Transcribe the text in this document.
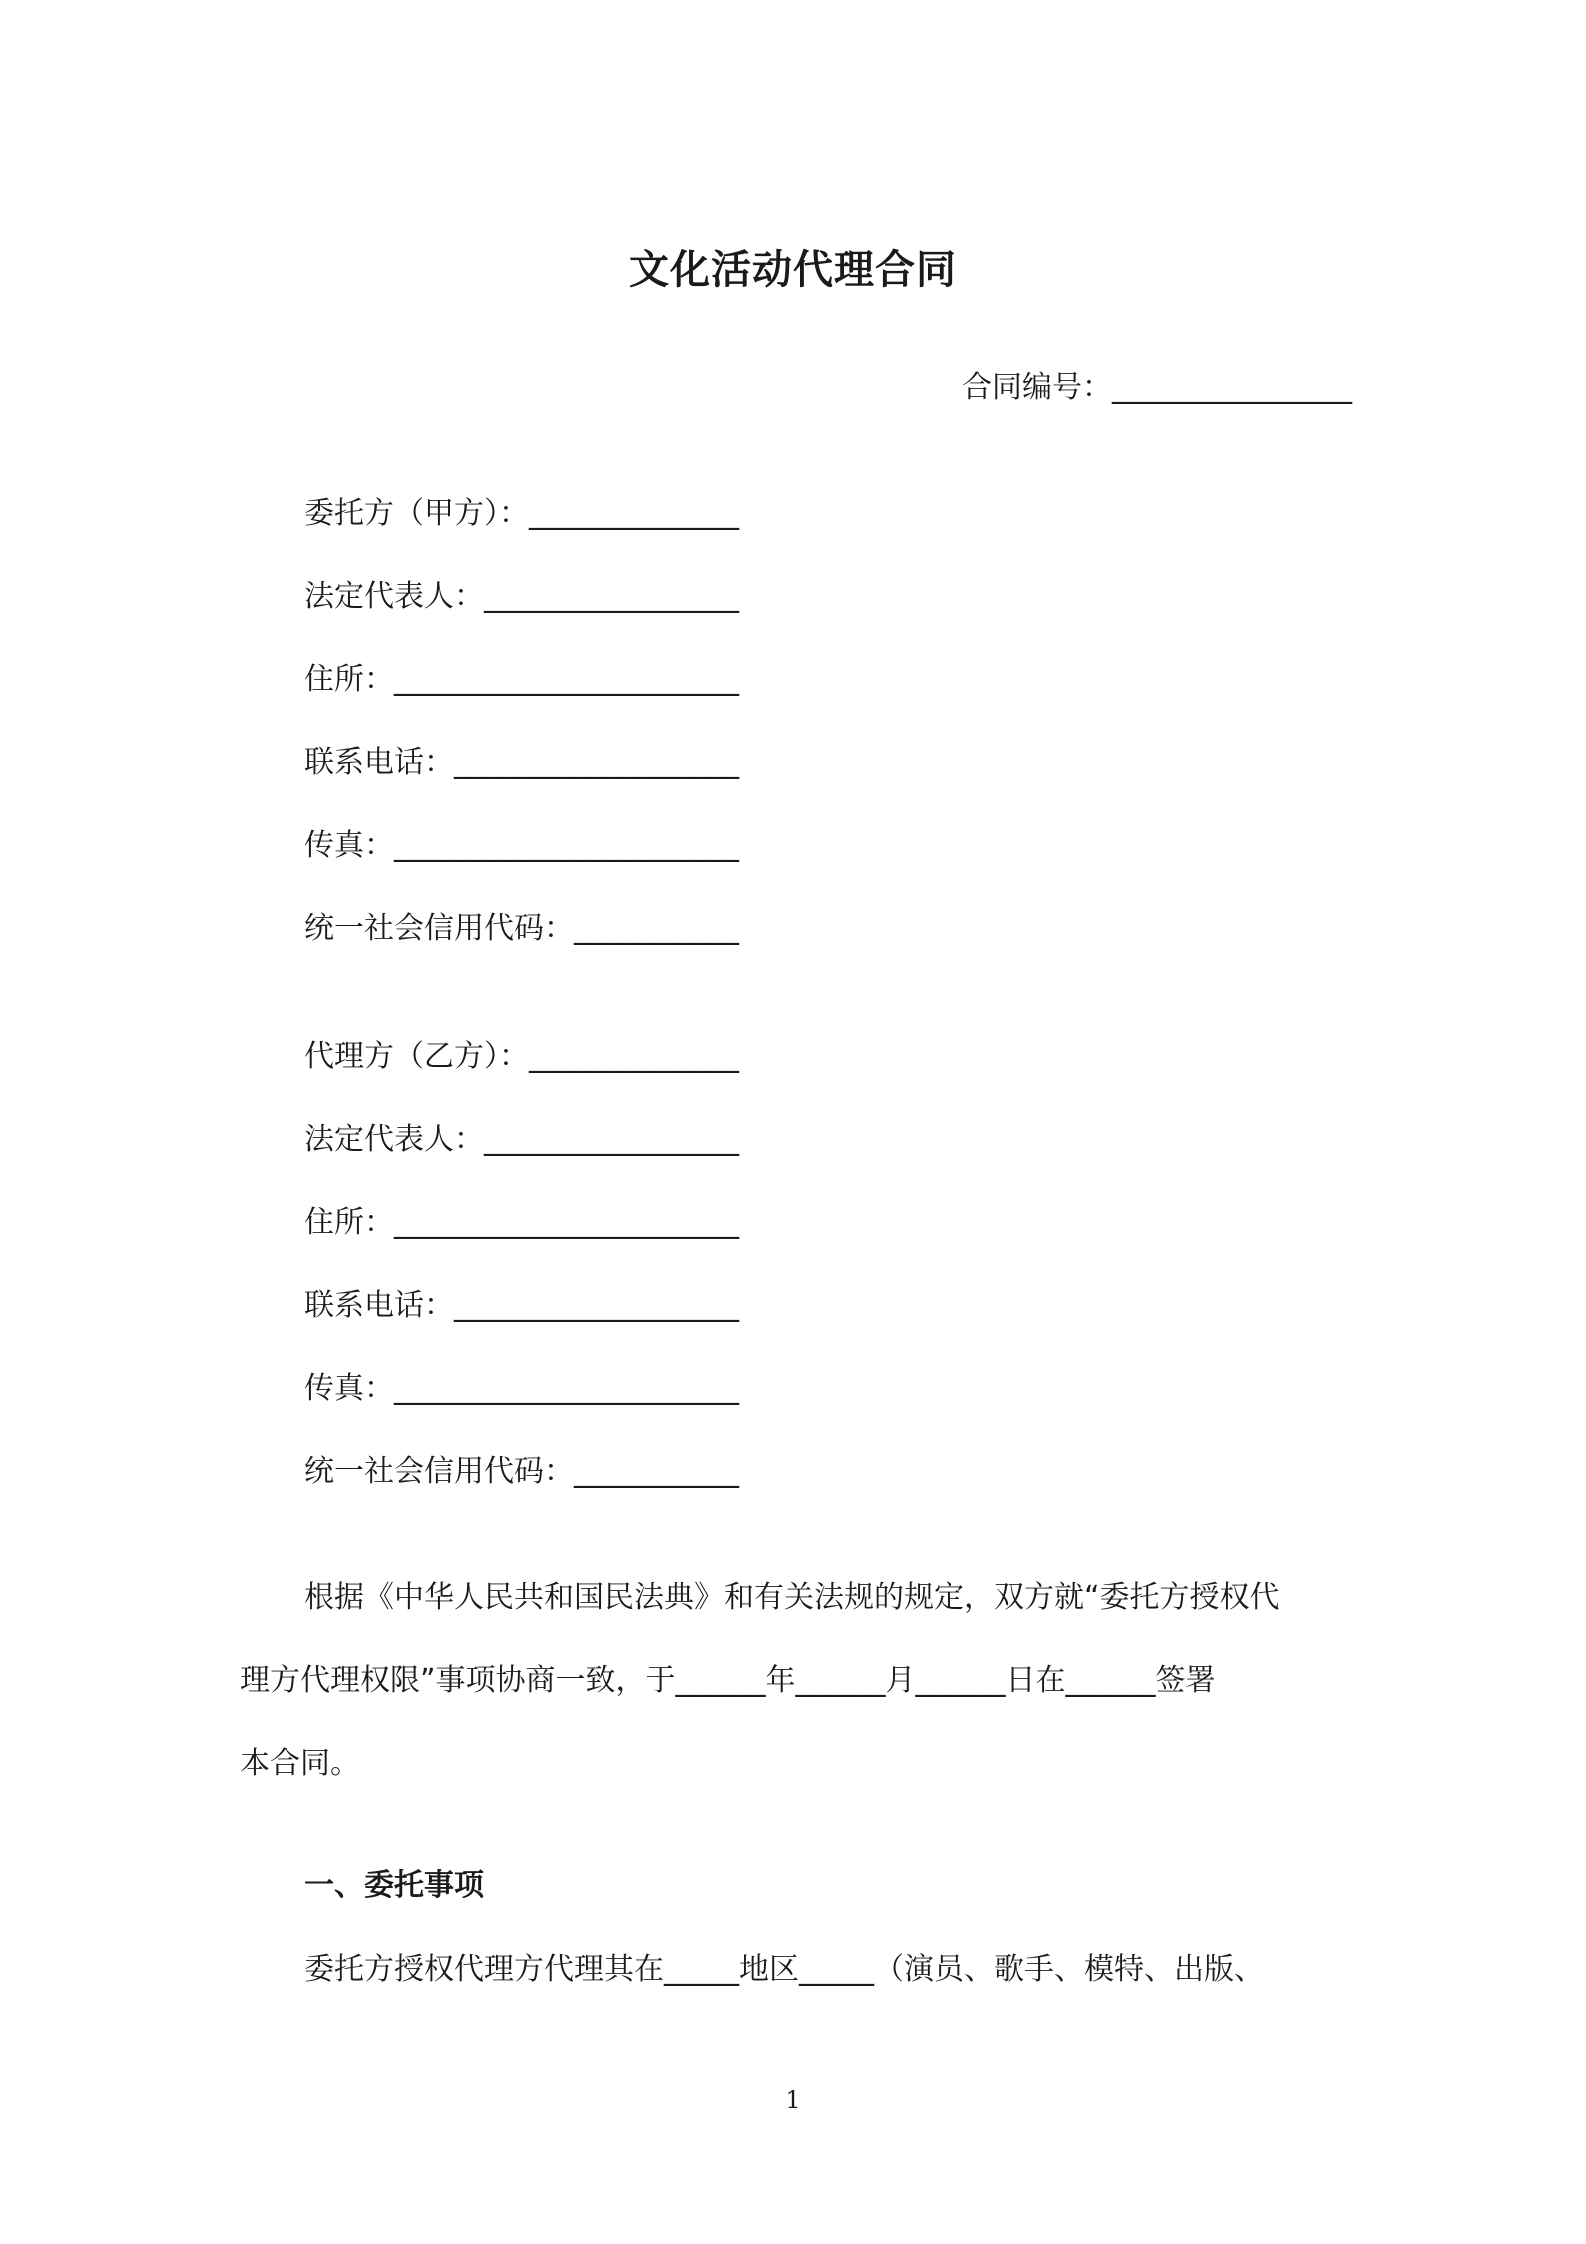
文化活动代理合同
合同编号：________________
委托方（甲方）：______________
法定代表人：_________________
住所：_______________________
联系电话：___________________
传真：_______________________
统一社会信用代码：___________
代理方（乙方）：______________
法定代表人：_________________
住所：_______________________
联系电话：___________________
传真：_______________________
统一社会信用代码：___________
根据《中华人民共和国民法典》和有关法规的规定，双方就“委托方授权代
理方代理权限”事项协商一致，于______年______月______日在______签署
本合同。
一、委托事项
委托方授权代理方代理其在_____地区_____（演员、歌手、模特、出版、
1
